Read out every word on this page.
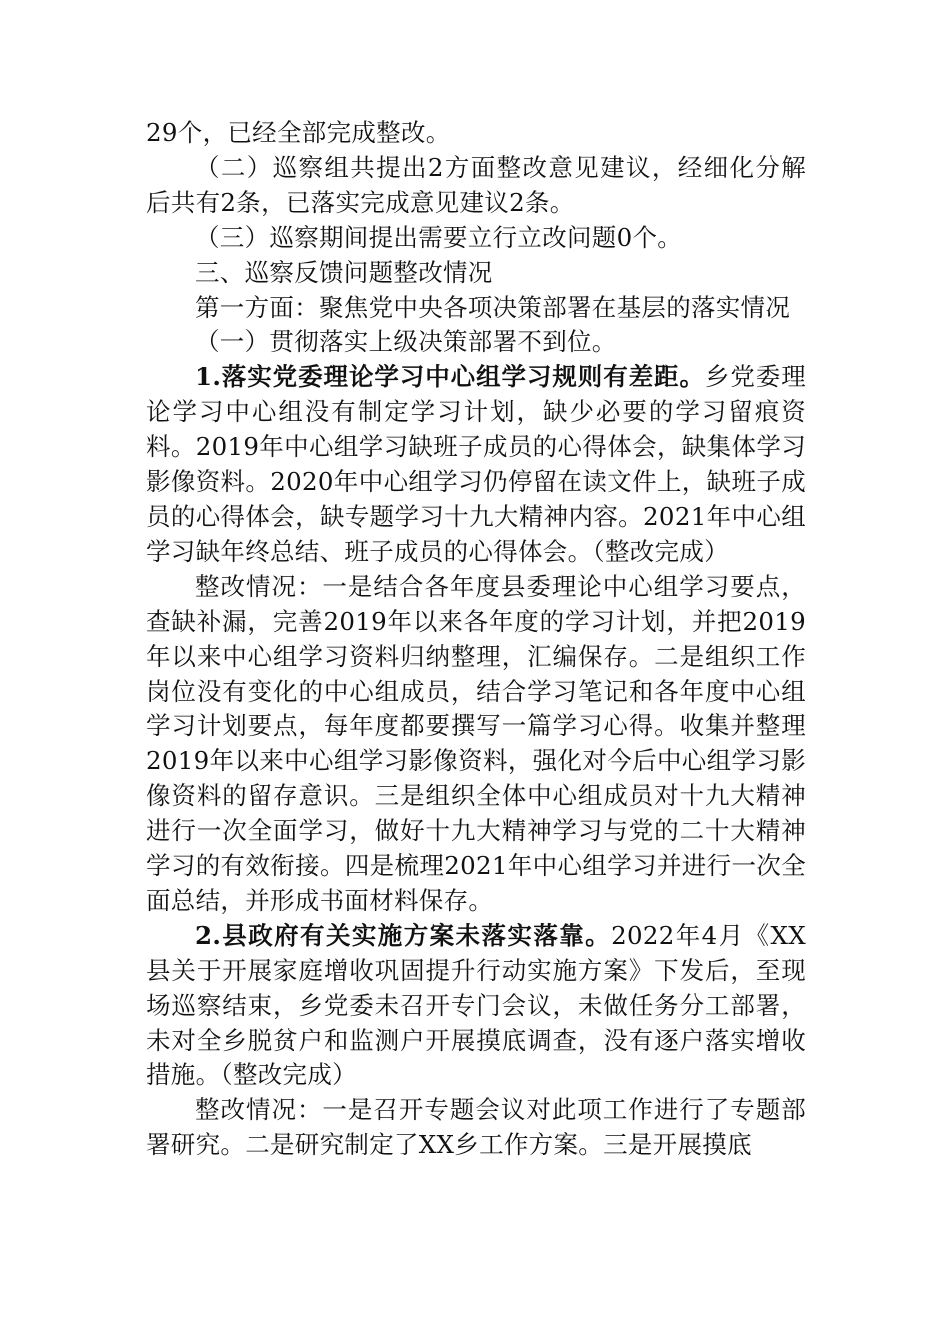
29个，已经全部完成整改。

（二）巡察组共提出2方面整改意见建议，经细化分解后共有2条，已落实完成意见建议2条。

（三）巡察期间提出需要立行立改问题0个。

三、巡察反馈问题整改情况

第一方面：聚焦党中央各项决策部署在基层的落实情况

（一）贯彻落实上级决策部署不到位。

1.落实党委理论学习中心组学习规则有差距。乡党委理论学习中心组没有制定学习计划，缺少必要的学习留痕资料。2019年中心组学习缺班子成员的心得体会，缺集体学习影像资料。2020年中心组学习仍停留在读文件上，缺班子成员的心得体会，缺专题学习十九大精神内容。2021年中心组学习缺年终总结、班子成员的心得体会。（整改完成）

整改情况：一是结合各年度县委理论中心组学习要点，查缺补漏，完善2019年以来各年度的学习计划，并把2019年以来中心组学习资料归纳整理，汇编保存。二是组织工作岗位没有变化的中心组成员，结合学习笔记和各年度中心组学习计划要点，每年度都要撰写一篇学习心得。收集并整理2019年以来中心组学习影像资料，强化对今后中心组学习影像资料的留存意识。三是组织全体中心组成员对十九大精神进行一次全面学习，做好十九大精神学习与党的二十大精神学习的有效衔接。四是梳理2021年中心组学习并进行一次全面总结，并形成书面材料保存。

2.县政府有关实施方案未落实落靠。2022年4月《XX县关于开展家庭增收巩固提升行动实施方案》下发后，至现场巡察结束，乡党委未召开专门会议，未做任务分工部署，未对全乡脱贫户和监测户开展摸底调查，没有逐户落实增收措施。（整改完成）

整改情况：一是召开专题会议对此项工作进行了专题部署研究。二是研究制定了XX乡工作方案。三是开展摸底
